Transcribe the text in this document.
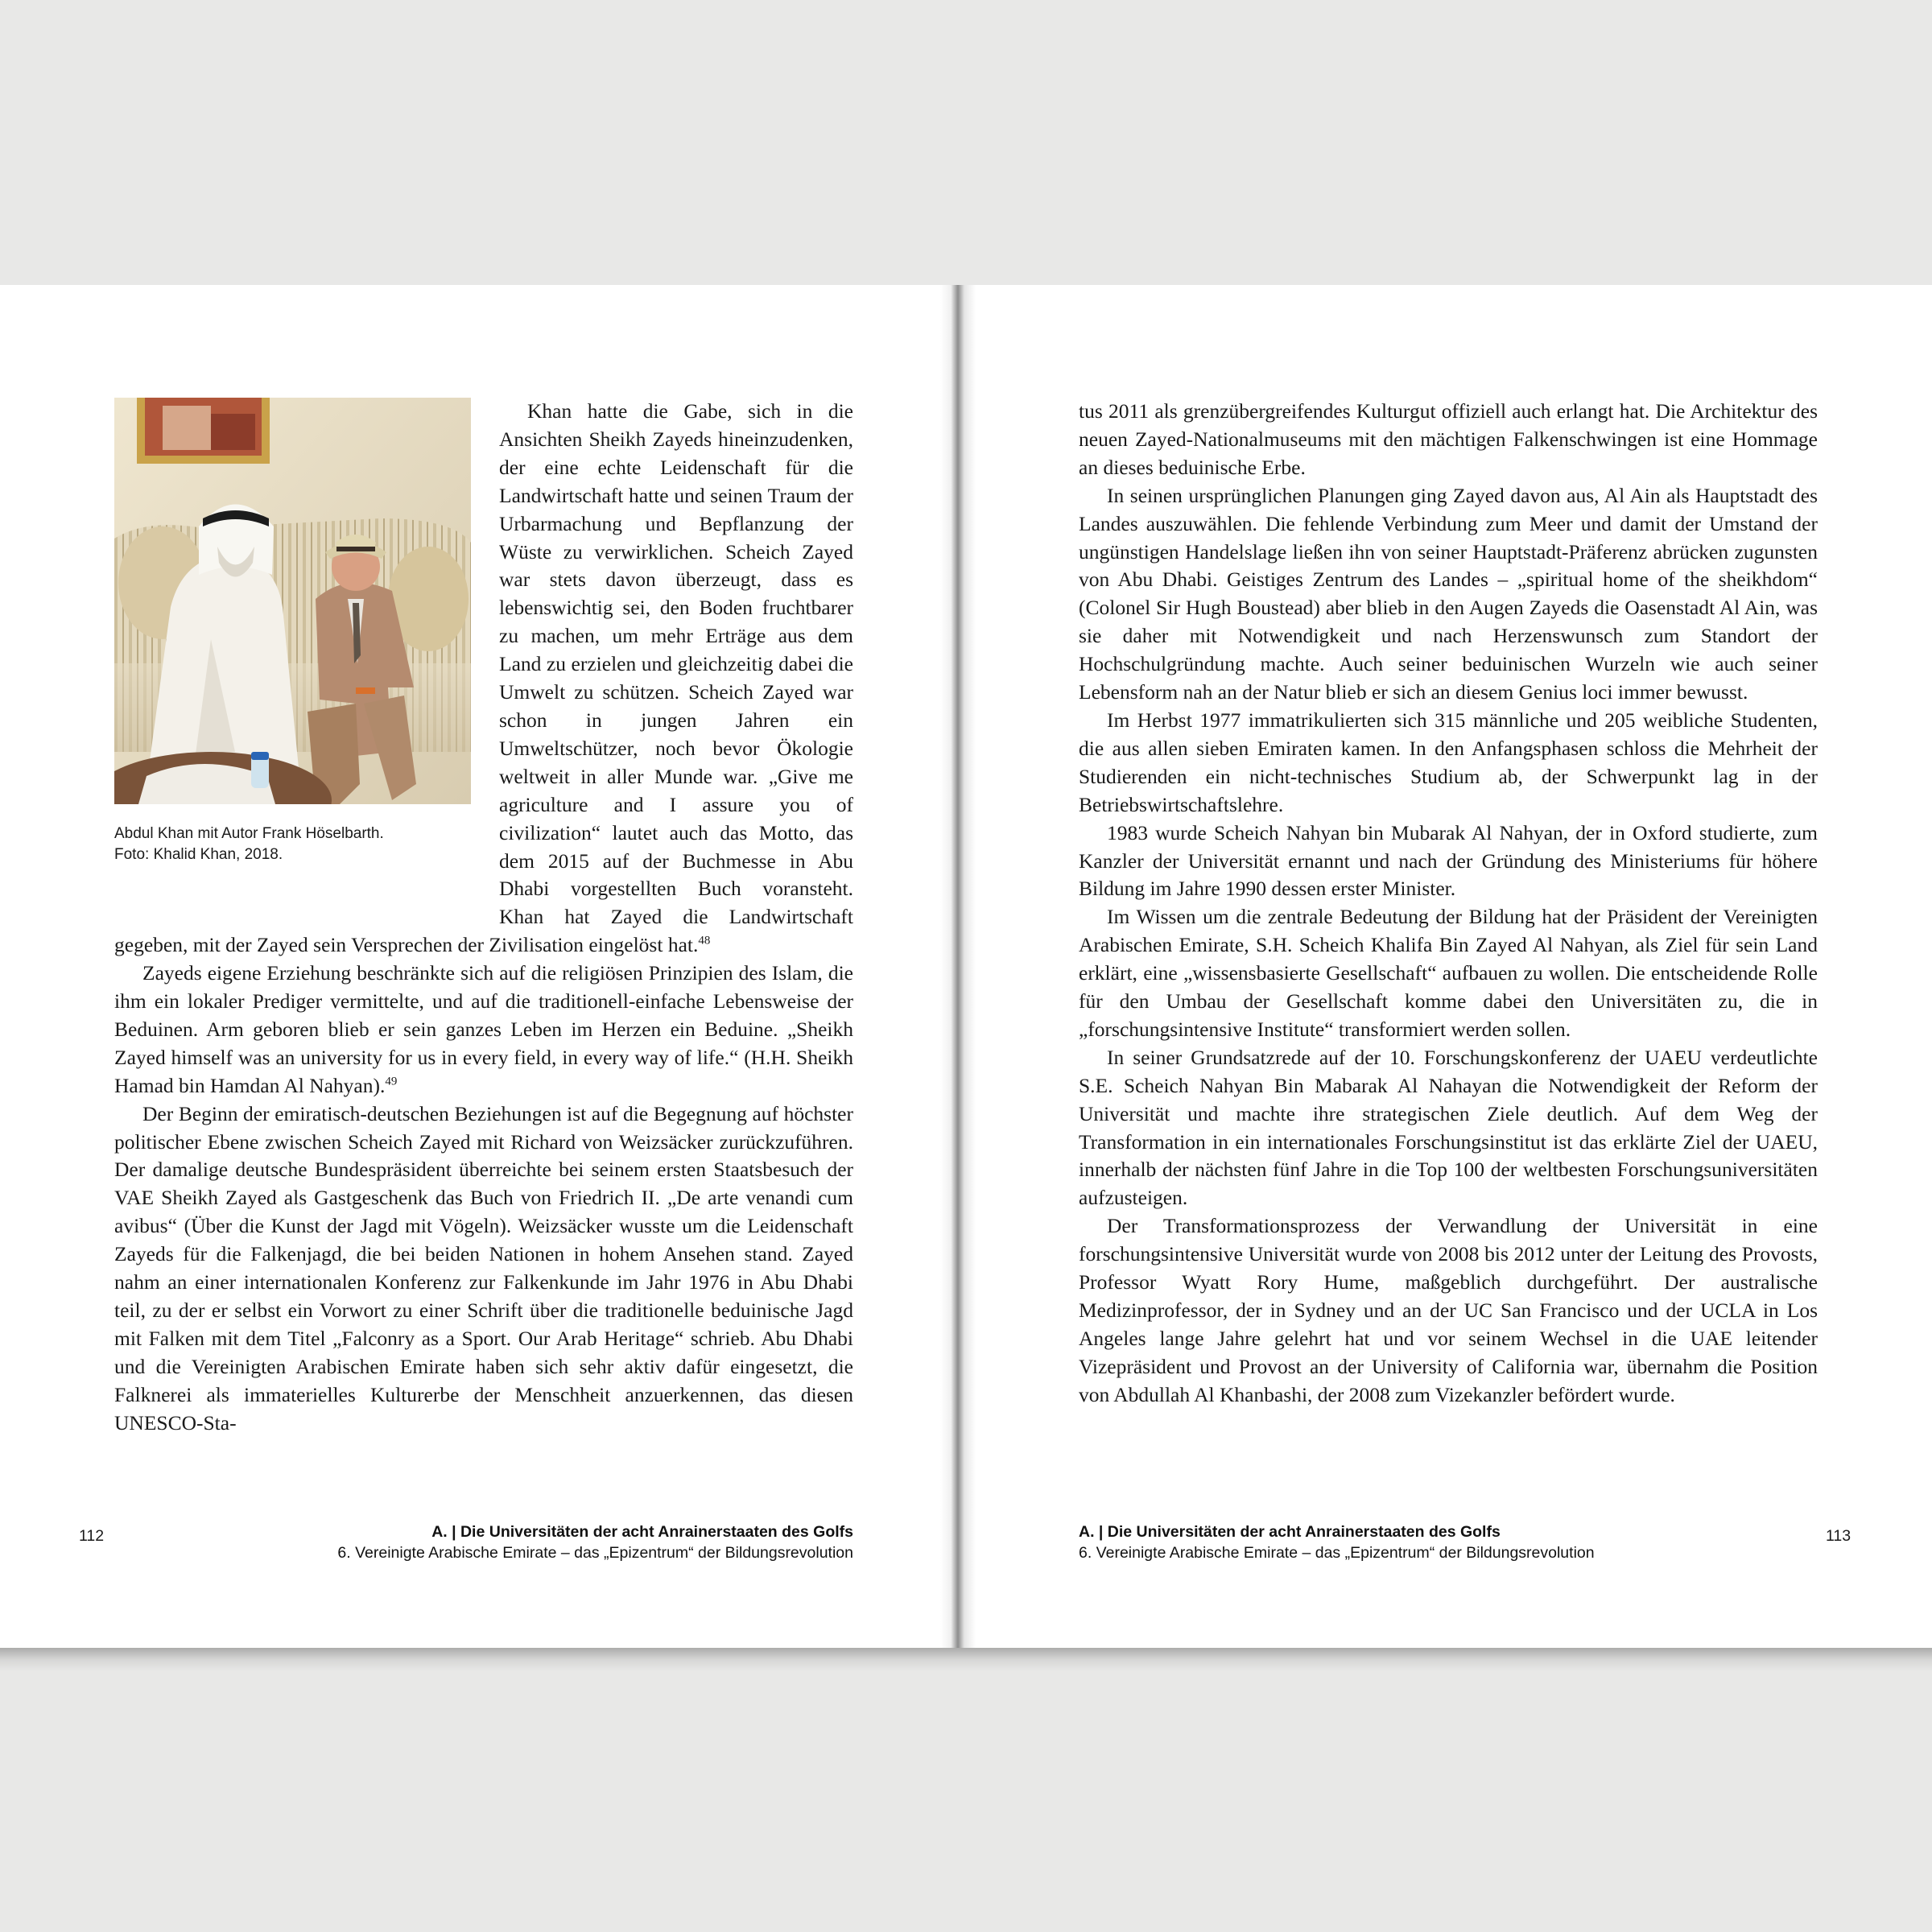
Abdul Khan mit Autor Frank Höselbarth.
Foto: Khalid Khan, 2018.

Khan hatte die Gabe, sich in die Ansichten Sheikh Zayeds hineinzudenken, der eine echte Leidenschaft für die Landwirtschaft hatte und seinen Traum der Urbarmachung und Bepflanzung der Wüste zu verwirklichen. Scheich Zayed war stets davon überzeugt, dass es lebenswichtig sei, den Boden fruchtbarer zu machen, um mehr Erträge aus dem Land zu erzielen und gleichzeitig dabei die Umwelt zu schützen. Scheich Zayed war schon in jungen Jahren ein Umweltschützer, noch bevor Ökologie weltweit in aller Munde war. „Give me agriculture and I assure you of civilization“ lautet auch das Motto, das dem 2015 auf der Buchmesse in Abu Dhabi vorgestellten Buch voransteht. Khan hat Zayed die Landwirtschaft gegeben, mit der Zayed sein Versprechen der Zivilisation eingelöst hat.$^{48}$

Zayeds eigene Erziehung beschränkte sich auf die religiösen Prinzipien des Islam, die ihm ein lokaler Prediger vermittelte, und auf die traditionell-einfache Lebensweise der Beduinen. Arm geboren blieb er sein ganzes Leben im Herzen ein Beduine. „Sheikh Zayed himself was an university for us in every field, in every way of life.“ (H.H. Sheikh Hamad bin Hamdan Al Nahyan).$^{49}$

Der Beginn der emiratisch-deutschen Beziehungen ist auf die Begegnung auf höchster politischer Ebene zwischen Scheich Zayed mit Richard von Weizsäcker zurückzuführen. Der damalige deutsche Bundespräsident überreichte bei seinem ersten Staatsbesuch der VAE Sheikh Zayed als Gastgeschenk das Buch von Friedrich II. „De arte venandi cum avibus“ (Über die Kunst der Jagd mit Vögeln). Weizsäcker wusste um die Leidenschaft Zayeds für die Falkenjagd, die bei beiden Nationen in hohem Ansehen stand. Zayed nahm an einer internationalen Konferenz zur Falkenkunde im Jahr 1976 in Abu Dhabi teil, zu der er selbst ein Vorwort zu einer Schrift über die traditionelle beduinische Jagd mit Falken mit dem Titel „Falconry as a Sport. Our Arab Heritage“ schrieb. Abu Dhabi und die Vereinigten Arabischen Emirate haben sich sehr aktiv dafür eingesetzt, die Falknerei als immaterielles Kulturerbe der Menschheit anzuerkennen, das diesen UNESCO-Sta-

tus 2011 als grenzübergreifendes Kulturgut offiziell auch erlangt hat. Die Architektur des neuen Zayed-Nationalmuseums mit den mächtigen Falkenschwingen ist eine Hommage an dieses beduinische Erbe.

In seinen ursprünglichen Planungen ging Zayed davon aus, Al Ain als Hauptstadt des Landes auszuwählen. Die fehlende Verbindung zum Meer und damit der Umstand der ungünstigen Handelslage ließen ihn von seiner Hauptstadt-Präferenz abrücken zugunsten von Abu Dhabi. Geistiges Zentrum des Landes – „spiritual home of the sheikhdom“ (Colonel Sir Hugh Boustead) aber blieb in den Augen Zayeds die Oasenstadt Al Ain, was sie daher mit Notwendigkeit und nach Herzenswunsch zum Standort der Hochschulgründung machte. Auch seiner beduinischen Wurzeln wie auch seiner Lebensform nah an der Natur blieb er sich an diesem Genius loci immer bewusst.

Im Herbst 1977 immatrikulierten sich 315 männliche und 205 weibliche Studenten, die aus allen sieben Emiraten kamen. In den Anfangsphasen schloss die Mehrheit der Studierenden ein nicht-technisches Studium ab, der Schwerpunkt lag in der Betriebswirtschaftslehre.

1983 wurde Scheich Nahyan bin Mubarak Al Nahyan, der in Oxford studierte, zum Kanzler der Universität ernannt und nach der Gründung des Ministeriums für höhere Bildung im Jahre 1990 dessen erster Minister.

Im Wissen um die zentrale Bedeutung der Bildung hat der Präsident der Vereinigten Arabischen Emirate, S.H. Scheich Khalifa Bin Zayed Al Nahyan, als Ziel für sein Land erklärt, eine „wissensbasierte Gesellschaft“ aufbauen zu wollen. Die entscheidende Rolle für den Umbau der Gesellschaft komme dabei den Universitäten zu, die in „forschungsintensive Institute“ transformiert werden sollen.

In seiner Grundsatzrede auf der 10. Forschungskonferenz der UAEU verdeutlichte S.E. Scheich Nahyan Bin Mabarak Al Nahayan die Notwendigkeit der Reform der Universität und machte ihre strategischen Ziele deutlich. Auf dem Weg der Transformation in ein internationales Forschungsinstitut ist das erklärte Ziel der UAEU, innerhalb der nächsten fünf Jahre in die Top 100 der weltbesten Forschungsuniversitäten aufzusteigen.

Der Transformationsprozess der Verwandlung der Universität in eine forschungsintensive Universität wurde von 2008 bis 2012 unter der Leitung des Provosts, Professor Wyatt Rory Hume, maßgeblich durchgeführt. Der australische Medizinprofessor, der in Sydney und an der UC San Francisco und der UCLA in Los Angeles lange Jahre gelehrt hat und vor seinem Wechsel in die UAE leitender Vizepräsident und Provost an der University of California war, übernahm die Position von Abdullah Al Khanbashi, der 2008 zum Vizekanzler befördert wurde.

112	A. | Die Universitäten der acht Anrainerstaaten des Golfs
6. Vereinigte Arabische Emirate – das „Epizentrum“ der Bildungsrevolution
A. | Die Universitäten der acht Anrainerstaaten des Golfs
6. Vereinigte Arabische Emirate – das „Epizentrum“ der Bildungsrevolution
113
